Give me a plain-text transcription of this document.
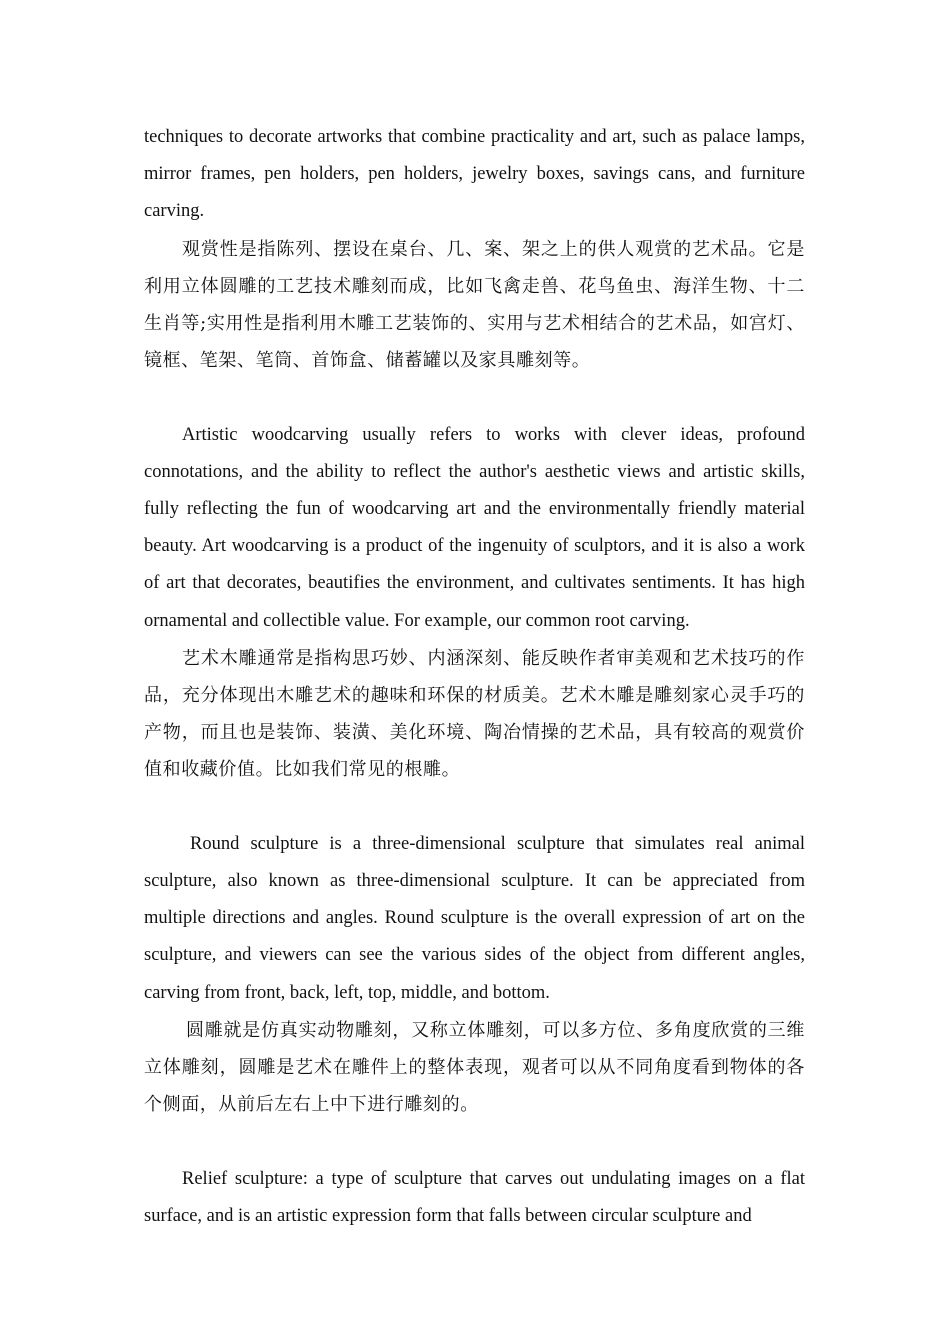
techniques to decorate artworks that combine practicality and art, such as palace lamps, mirror frames, pen holders, pen holders, jewelry boxes, savings cans, and furniture carving.

观赏性是指陈列、摆设在桌台、几、案、架之上的供人观赏的艺术品。它是利用立体圆雕的工艺技术雕刻而成，比如飞禽走兽、花鸟鱼虫、海洋生物、十二生肖等;实用性是指利用木雕工艺装饰的、实用与艺术相结合的艺术品，如宫灯、镜框、笔架、笔筒、首饰盒、储蓄罐以及家具雕刻等。

Artistic woodcarving usually refers to works with clever ideas, profound connotations, and the ability to reflect the author's aesthetic views and artistic skills, fully reflecting the fun of woodcarving art and the environmentally friendly material beauty. Art woodcarving is a product of the ingenuity of sculptors, and it is also a work of art that decorates, beautifies the environment, and cultivates sentiments. It has high ornamental and collectible value. For example, our common root carving.

艺术木雕通常是指构思巧妙、内涵深刻、能反映作者审美观和艺术技巧的作品，充分体现出木雕艺术的趣味和环保的材质美。艺术木雕是雕刻家心灵手巧的产物，而且也是装饰、装潢、美化环境、陶冶情操的艺术品，具有较高的观赏价值和收藏价值。比如我们常见的根雕。

Round sculpture is a three-dimensional sculpture that simulates real animal sculpture, also known as three-dimensional sculpture. It can be appreciated from multiple directions and angles. Round sculpture is the overall expression of art on the sculpture, and viewers can see the various sides of the object from different angles, carving from front, back, left, top, middle, and bottom.

圆雕就是仿真实动物雕刻，又称立体雕刻，可以多方位、多角度欣赏的三维立体雕刻，圆雕是艺术在雕件上的整体表现，观者可以从不同角度看到物体的各个侧面，从前后左右上中下进行雕刻的。

Relief sculpture: a type of sculpture that carves out undulating images on a flat surface, and is an artistic expression form that falls between circular sculpture and
